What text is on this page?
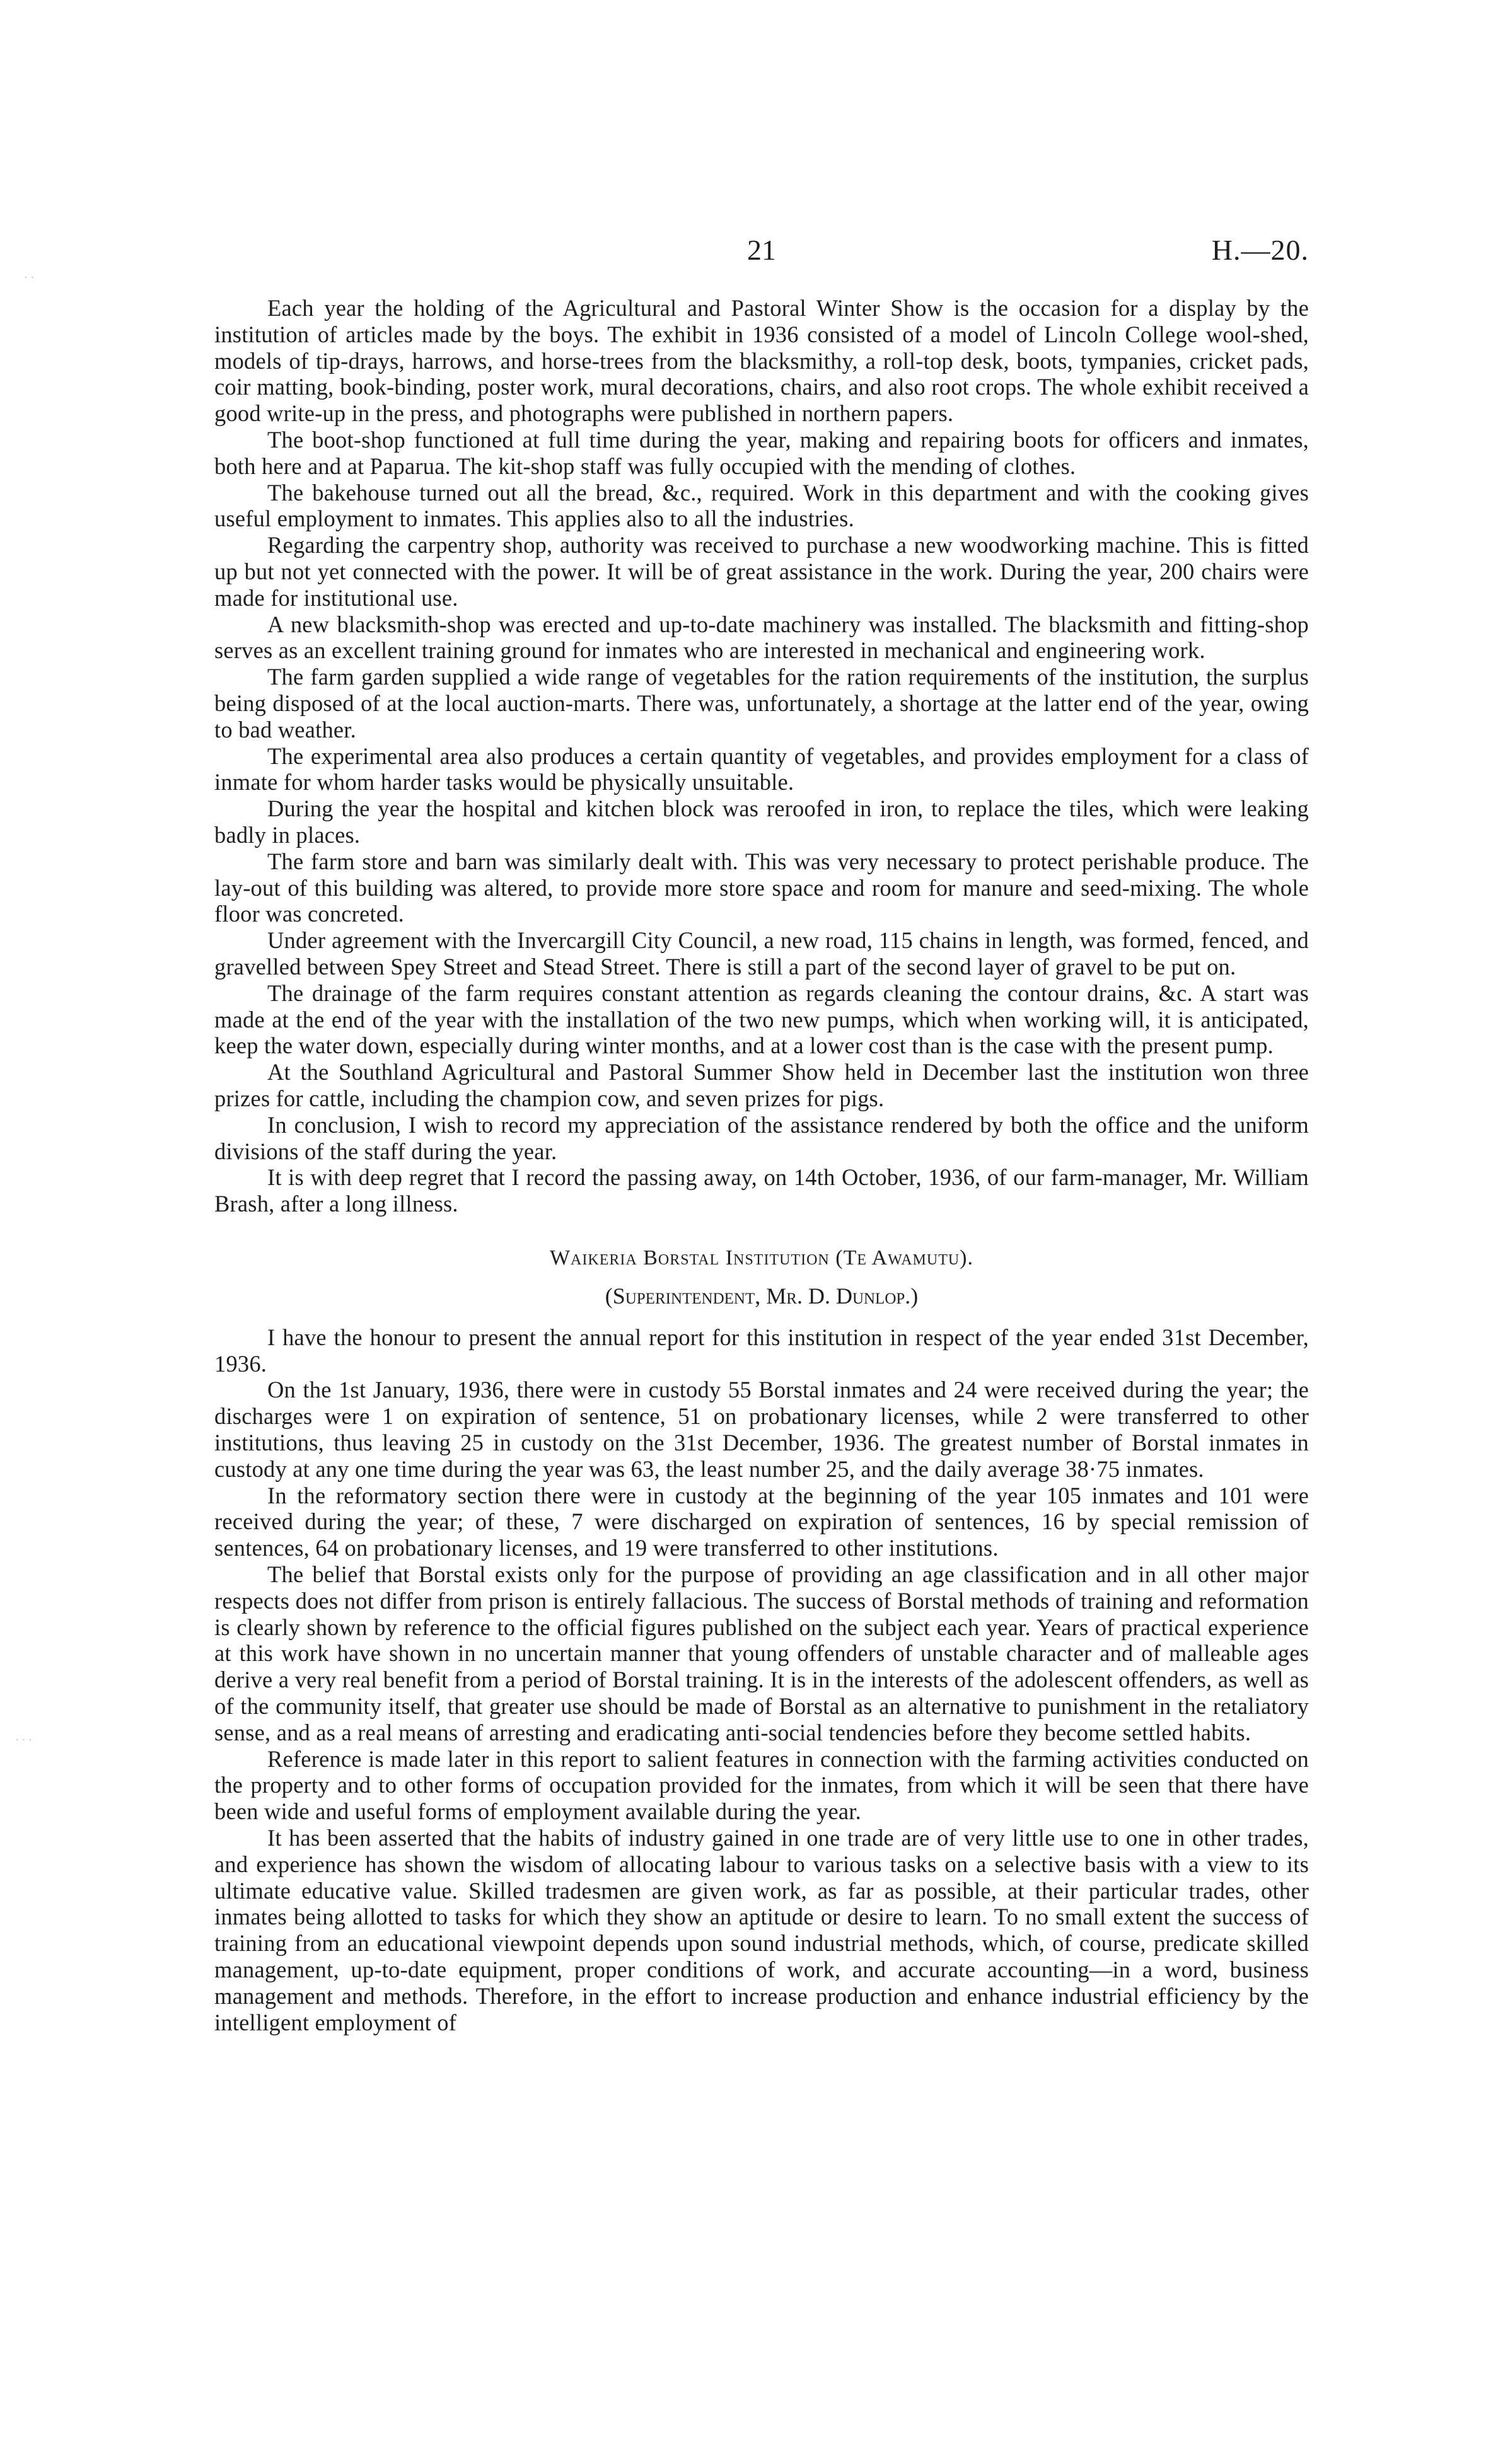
· ·
· · ·
21	H.—20.

Each year the holding of the Agricultural and Pastoral Winter Show is the occasion for a display by the institution of articles made by the boys. The exhibit in 1936 consisted of a model of Lincoln College wool-shed, models of tip-drays, harrows, and horse-trees from the blacksmithy, a roll-top desk, boots, tympanies, cricket pads, coir matting, book-binding, poster work, mural decorations, chairs, and also root crops. The whole exhibit received a good write-up in the press, and photographs were published in northern papers.

The boot-shop functioned at full time during the year, making and repairing boots for officers and inmates, both here and at Paparua. The kit-shop staff was fully occupied with the mending of clothes.

The bakehouse turned out all the bread, &c., required. Work in this department and with the cooking gives useful employment to inmates. This applies also to all the industries.

Regarding the carpentry shop, authority was received to purchase a new woodworking machine. This is fitted up but not yet connected with the power. It will be of great assistance in the work. During the year, 200 chairs were made for institutional use.

A new blacksmith-shop was erected and up-to-date machinery was installed. The blacksmith and fitting-shop serves as an excellent training ground for inmates who are interested in mechanical and engineering work.

The farm garden supplied a wide range of vegetables for the ration requirements of the institution, the surplus being disposed of at the local auction-marts. There was, unfortunately, a shortage at the latter end of the year, owing to bad weather.

The experimental area also produces a certain quantity of vegetables, and provides employment for a class of inmate for whom harder tasks would be physically unsuitable.

During the year the hospital and kitchen block was reroofed in iron, to replace the tiles, which were leaking badly in places.

The farm store and barn was similarly dealt with. This was very necessary to protect perishable produce. The lay-out of this building was altered, to provide more store space and room for manure and seed-mixing. The whole floor was concreted.

Under agreement with the Invercargill City Council, a new road, 115 chains in length, was formed, fenced, and gravelled between Spey Street and Stead Street. There is still a part of the second layer of gravel to be put on.

The drainage of the farm requires constant attention as regards cleaning the contour drains, &c. A start was made at the end of the year with the installation of the two new pumps, which when working will, it is anticipated, keep the water down, especially during winter months, and at a lower cost than is the case with the present pump.

At the Southland Agricultural and Pastoral Summer Show held in December last the institution won three prizes for cattle, including the champion cow, and seven prizes for pigs.

In conclusion, I wish to record my appreciation of the assistance rendered by both the office and the uniform divisions of the staff during the year.

It is with deep regret that I record the passing away, on 14th October, 1936, of our farm-manager, Mr. William Brash, after a long illness.

Waikeria Borstal Institution (Te Awamutu).
(Superintendent, Mr. D. Dunlop.)

I have the honour to present the annual report for this institution in respect of the year ended 31st December, 1936.

On the 1st January, 1936, there were in custody 55 Borstal inmates and 24 were received during the year; the discharges were 1 on expiration of sentence, 51 on probationary licenses, while 2 were transferred to other institutions, thus leaving 25 in custody on the 31st December, 1936. The greatest number of Borstal inmates in custody at any one time during the year was 63, the least number 25, and the daily average 38·75 inmates.

In the reformatory section there were in custody at the beginning of the year 105 inmates and 101 were received during the year; of these, 7 were discharged on expiration of sentences, 16 by special remission of sentences, 64 on probationary licenses, and 19 were transferred to other institutions.

The belief that Borstal exists only for the purpose of providing an age classification and in all other major respects does not differ from prison is entirely fallacious. The success of Borstal methods of training and reformation is clearly shown by reference to the official figures published on the subject each year. Years of practical experience at this work have shown in no uncertain manner that young offenders of unstable character and of malleable ages derive a very real benefit from a period of Borstal training. It is in the interests of the adolescent offenders, as well as of the community itself, that greater use should be made of Borstal as an alternative to punishment in the retaliatory sense, and as a real means of arresting and eradicating anti-social tendencies before they become settled habits.

Reference is made later in this report to salient features in connection with the farming activities conducted on the property and to other forms of occupation provided for the inmates, from which it will be seen that there have been wide and useful forms of employment available during the year.

It has been asserted that the habits of industry gained in one trade are of very little use to one in other trades, and experience has shown the wisdom of allocating labour to various tasks on a selective basis with a view to its ultimate educative value. Skilled tradesmen are given work, as far as possible, at their particular trades, other inmates being allotted to tasks for which they show an aptitude or desire to learn. To no small extent the success of training from an educational viewpoint depends upon sound industrial methods, which, of course, predicate skilled management, up-to-date equipment, proper conditions of work, and accurate accounting—in a word, business management and methods. Therefore, in the effort to increase production and enhance industrial efficiency by the intelligent employment of
